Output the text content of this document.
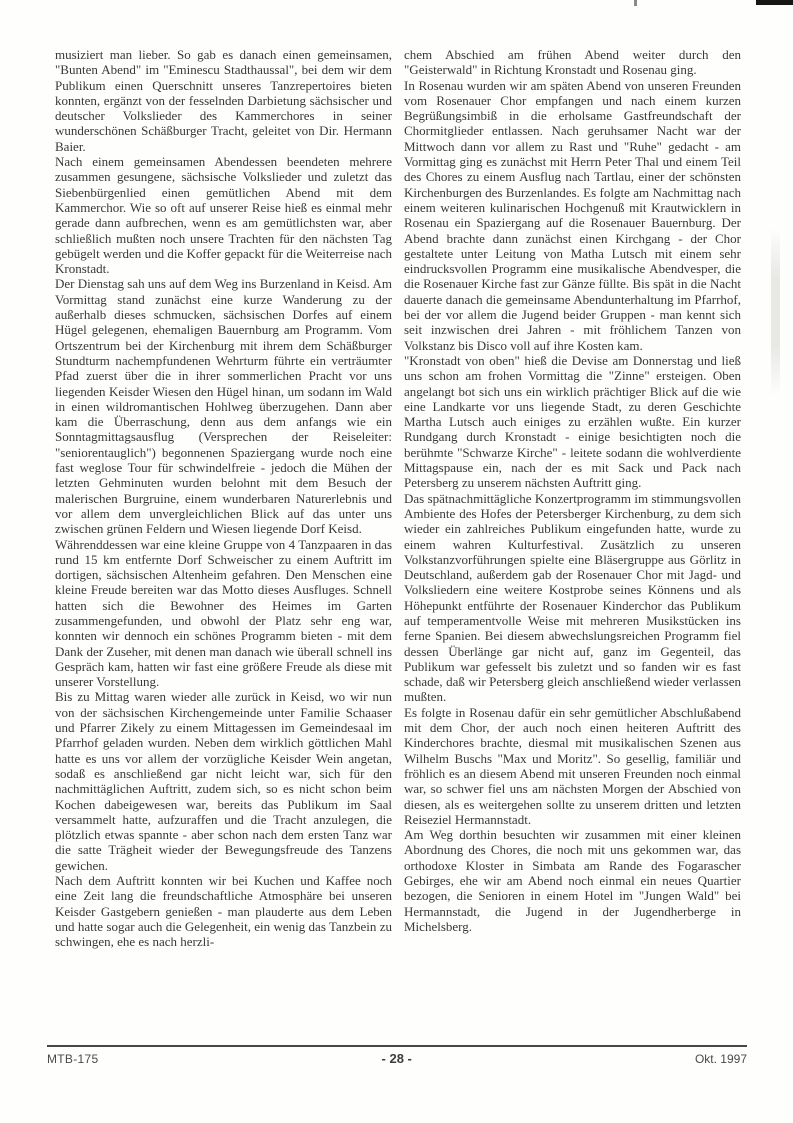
musiziert man lieber. So gab es danach einen gemeinsamen, "Bunten Abend" im "Eminescu Stadthaussal", bei dem wir dem Publikum einen Querschnitt unseres Tanzrepertoires bieten konnten, ergänzt von der fesselnden Darbietung sächsischer und deutscher Volkslieder des Kammerchores in seiner wunderschönen Schäßburger Tracht, geleitet von Dir. Hermann Baier.

Nach einem gemeinsamen Abendessen beendeten mehrere zusammen gesungene, sächsische Volkslieder und zuletzt das Siebenbürgenlied einen gemütlichen Abend mit dem Kammerchor. Wie so oft auf unserer Reise hieß es einmal mehr gerade dann aufbrechen, wenn es am gemütlichsten war, aber schließlich mußten noch unsere Trachten für den nächsten Tag gebügelt werden und die Koffer gepackt für die Weiterreise nach Kronstadt.

Der Dienstag sah uns auf dem Weg ins Burzenland in Keisd. Am Vormittag stand zunächst eine kurze Wanderung zu der außerhalb dieses schmucken, sächsischen Dorfes auf einem Hügel gelegenen, ehemaligen Bauernburg am Programm. Vom Ortszentrum bei der Kirchenburg mit ihrem dem Schäßburger Stundturm nachempfundenen Wehrturm führte ein verträumter Pfad zuerst über die in ihrer sommerlichen Pracht vor uns liegenden Keisder Wiesen den Hügel hinan, um sodann im Wald in einen wildromantischen Hohlweg überzugehen. Dann aber kam die Überraschung, denn aus dem anfangs wie ein Sonntagmittagsausflug (Versprechen der Reiseleiter: "seniorentauglich") begonnenen Spaziergang wurde noch eine fast weglose Tour für schwindelfreie - jedoch die Mühen der letzten Gehminuten wurden belohnt mit dem Besuch der malerischen Burgruine, einem wunderbaren Naturerlebnis und vor allem dem unvergleichlichen Blick auf das unter uns zwischen grünen Feldern und Wiesen liegende Dorf Keisd.

Währenddessen war eine kleine Gruppe von 4 Tanzpaaren in das rund 15 km entfernte Dorf Schweischer zu einem Auftritt im dortigen, sächsischen Altenheim gefahren. Den Menschen eine kleine Freude bereiten war das Motto dieses Ausfluges. Schnell hatten sich die Bewohner des Heimes im Garten zusammengefunden, und obwohl der Platz sehr eng war, konnten wir dennoch ein schönes Programm bieten - mit dem Dank der Zuseher, mit denen man danach wie überall schnell ins Gespräch kam, hatten wir fast eine größere Freude als diese mit unserer Vorstellung.

Bis zu Mittag waren wieder alle zurück in Keisd, wo wir nun von der sächsischen Kirchengemeinde unter Familie Schaaser und Pfarrer Zikely zu einem Mittagessen im Gemeindesaal im Pfarrhof geladen wurden. Neben dem wirklich göttlichen Mahl hatte es uns vor allem der vorzügliche Keisder Wein angetan, sodaß es anschließend gar nicht leicht war, sich für den nachmittäglichen Auftritt, zudem sich, so es nicht schon beim Kochen dabeigewesen war, bereits das Publikum im Saal versammelt hatte, aufzuraffen und die Tracht anzulegen, die plötzlich etwas spannte - aber schon nach dem ersten Tanz war die satte Trägheit wieder der Bewegungsfreude des Tanzens gewichen.

Nach dem Auftritt konnten wir bei Kuchen und Kaffee noch eine Zeit lang die freundschaftliche Atmosphäre bei unseren Keisder Gastgebern genießen - man plauderte aus dem Leben und hatte sogar auch die Gelegenheit, ein wenig das Tanzbein zu schwingen, ehe es nach herzli-

chem Abschied am frühen Abend weiter durch den "Geisterwald" in Richtung Kronstadt und Rosenau ging.

In Rosenau wurden wir am späten Abend von unseren Freunden vom Rosenauer Chor empfangen und nach einem kurzen Begrüßungsimbiß in die erholsame Gastfreundschaft der Chormitglieder entlassen. Nach geruhsamer Nacht war der Mittwoch dann vor allem zu Rast und "Ruhe" gedacht - am Vormittag ging es zunächst mit Herrn Peter Thal und einem Teil des Chores zu einem Ausflug nach Tartlau, einer der schönsten Kirchenburgen des Burzenlandes. Es folgte am Nachmittag nach einem weiteren kulinarischen Hochgenuß mit Krautwicklern in Rosenau ein Spaziergang auf die Rosenauer Bauernburg. Der Abend brachte dann zunächst einen Kirchgang - der Chor gestaltete unter Leitung von Matha Lutsch mit einem sehr eindrucksvollen Programm eine musikalische Abendvesper, die die Rosenauer Kirche fast zur Gänze füllte. Bis spät in die Nacht dauerte danach die gemeinsame Abendunterhaltung im Pfarrhof, bei der vor allem die Jugend beider Gruppen - man kennt sich seit inzwischen drei Jahren - mit fröhlichem Tanzen von Volkstanz bis Disco voll auf ihre Kosten kam.

"Kronstadt von oben" hieß die Devise am Donnerstag und ließ uns schon am frohen Vormittag die "Zinne" ersteigen. Oben angelangt bot sich uns ein wirklich prächtiger Blick auf die wie eine Landkarte vor uns liegende Stadt, zu deren Geschichte Martha Lutsch auch einiges zu erzählen wußte. Ein kurzer Rundgang durch Kronstadt - einige besichtigten noch die berühmte "Schwarze Kirche" - leitete sodann die wohlverdiente Mittagspause ein, nach der es mit Sack und Pack nach Petersberg zu unserem nächsten Auftritt ging.

Das spätnachmittägliche Konzertprogramm im stimmungsvollen Ambiente des Hofes der Petersberger Kirchenburg, zu dem sich wieder ein zahlreiches Publikum eingefunden hatte, wurde zu einem wahren Kulturfestival. Zusätzlich zu unseren Volkstanzvorführungen spielte eine Bläsergruppe aus Görlitz in Deutschland, außerdem gab der Rosenauer Chor mit Jagd- und Volksliedern eine weitere Kostprobe seines Könnens und als Höhepunkt entführte der Rosenauer Kinderchor das Publikum auf temperamentvolle Weise mit mehreren Musikstücken ins ferne Spanien. Bei diesem abwechslungsreichen Programm fiel dessen Überlänge gar nicht auf, ganz im Gegenteil, das Publikum war gefesselt bis zuletzt und so fanden wir es fast schade, daß wir Petersberg gleich anschließend wieder verlassen mußten.

Es folgte in Rosenau dafür ein sehr gemütlicher Abschlußabend mit dem Chor, der auch noch einen heiteren Auftritt des Kinderchores brachte, diesmal mit musikalischen Szenen aus Wilhelm Buschs "Max und Moritz". So gesellig, familiär und fröhlich es an diesem Abend mit unseren Freunden noch einmal war, so schwer fiel uns am nächsten Morgen der Abschied von diesen, als es weitergehen sollte zu unserem dritten und letzten Reiseziel Hermannstadt.

Am Weg dorthin besuchten wir zusammen mit einer kleinen Abordnung des Chores, die noch mit uns gekommen war, das orthodoxe Kloster in Simbata am Rande des Fogarascher Gebirges, ehe wir am Abend noch einmal ein neues Quartier bezogen, die Senioren in einem Hotel im "Jungen Wald" bei Hermannstadt, die Jugend in der Jugendherberge in Michelsberg.

MTB-175	- 28 -	Okt. 1997
